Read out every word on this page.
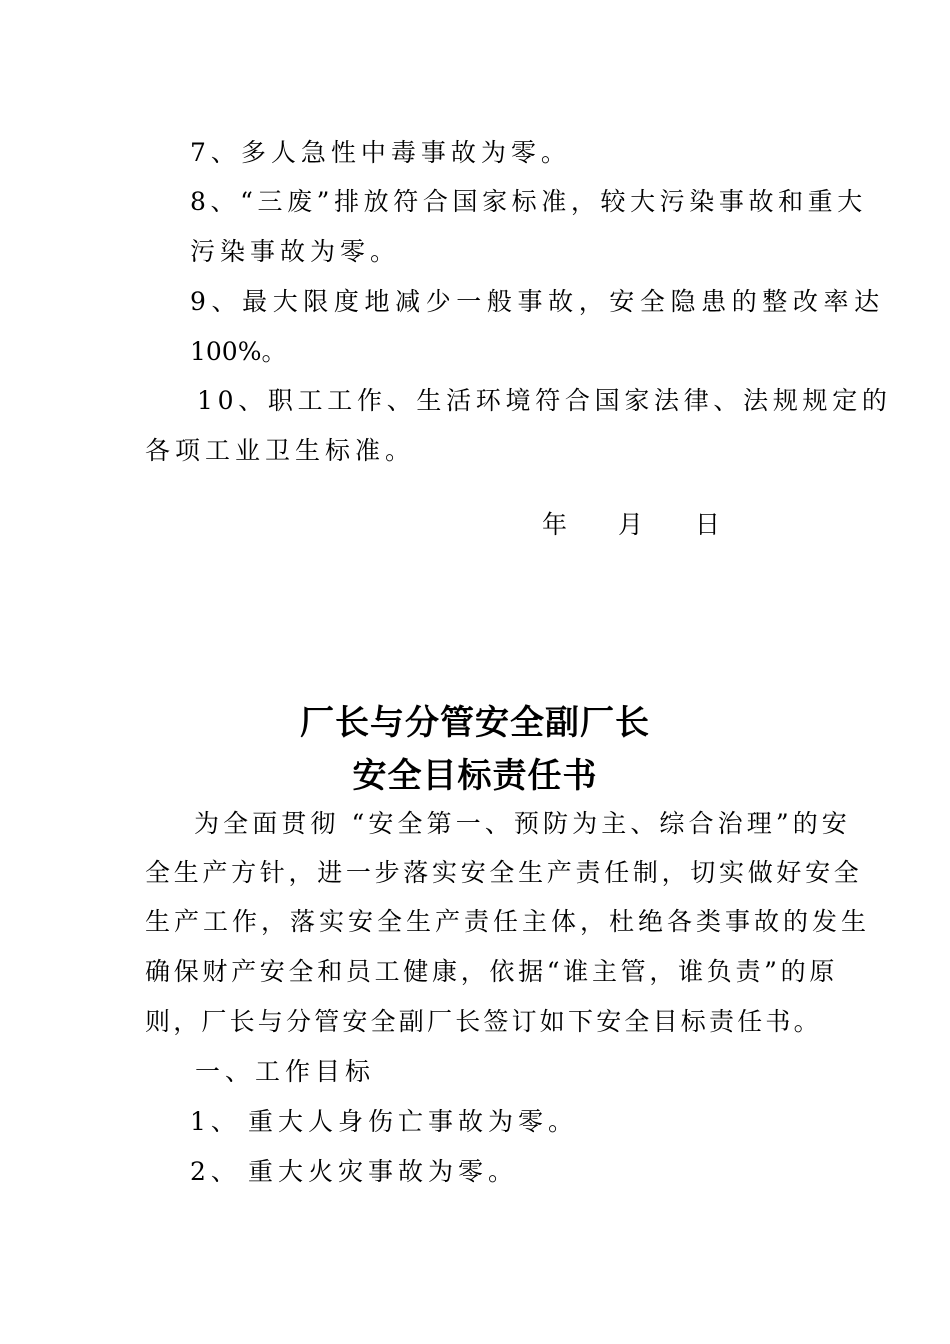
7、多人急性中毒事故为零。
8、“三废”排放符合国家标准，较大污染事故和重大
污染事故为零。
9、最大限度地减少一般事故，安全隐患的整改率达
100%。
10、职工工作、生活环境符合国家法律、法规规定的
各项工业卫生标准。
年 月 日
厂长与分管安全副厂长
安全目标责任书
为全面贯彻 “安全第一、预防为主、综合治理”的安
全生产方针，进一步落实安全生产责任制，切实做好安全
生产工作，落实安全生产责任主体，杜绝各类事故的发生
确保财产安全和员工健康，依据“谁主管，谁负责”的原
则，厂长与分管安全副厂长签订如下安全目标责任书。
一、工作目标
1、 重大人身伤亡事故为零。
2、 重大火灾事故为零。
